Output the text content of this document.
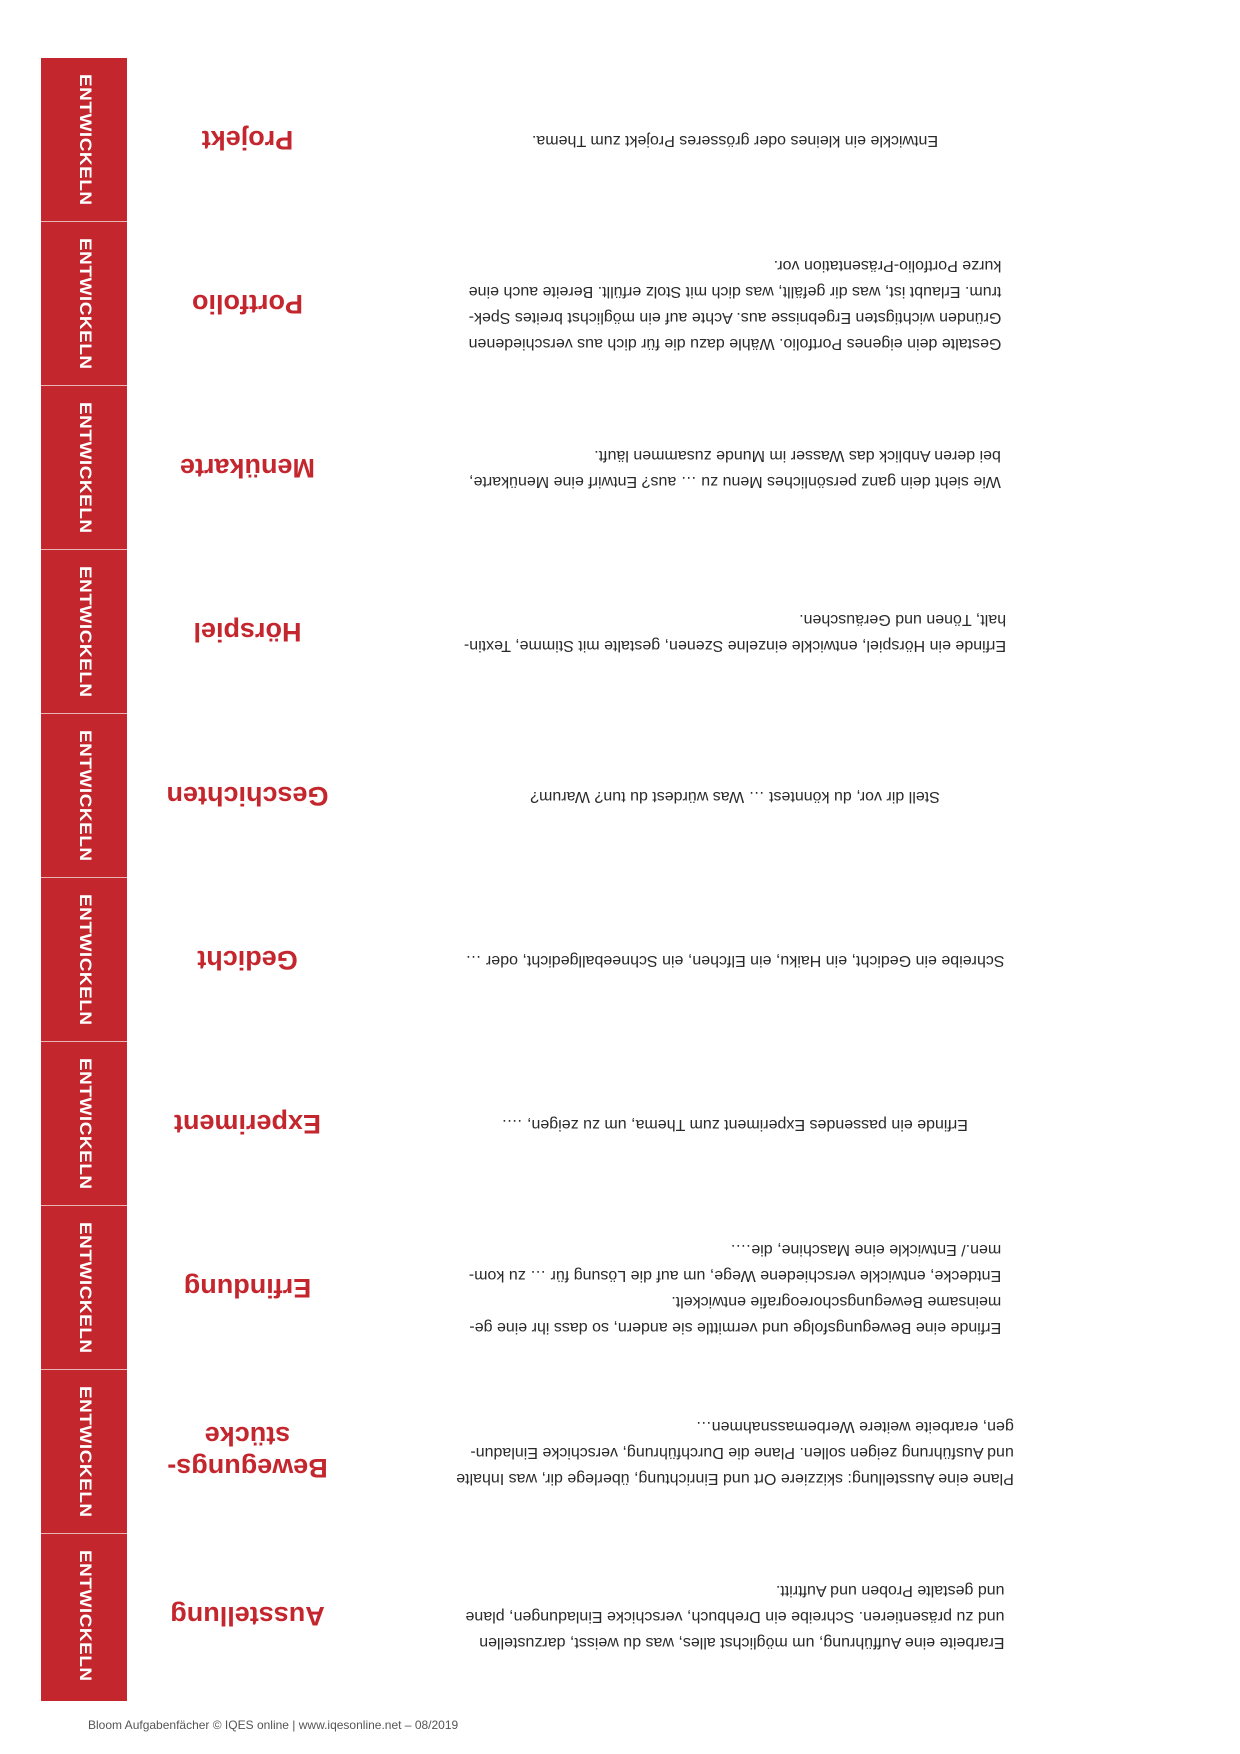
ENTWICKELN	Projekt	Entwickle ein kleines oder grösseres Projekt zum Thema.
ENTWICKELN	Portfolio
Gestalte dein eigenes Portfolio. Wähle dazu die für dich aus verschiedenen
Gründen wichtigsten Ergebnisse aus. Achte auf ein möglichst breites Spek-
trum. Erlaubt ist, was dir gefällt, was dich mit Stolz erfüllt. Bereite auch eine
kurze Portfolio-Präsentation vor.
ENTWICKELN	Menükarte	Wie sieht dein ganz persönliches Menu zu … aus? Entwirf eine Menükarte,
bei deren Anblick das Wasser im Munde zusammen läuft.
ENTWICKELN	Hörspiel	Erfinde ein Hörspiel, entwickle einzelne Szenen, gestalte mit Stimme, Textin-
halt, Tönen und Geräuschen.
ENTWICKELN	Geschichten	Stell dir vor, du könntest … Was würdest du tun? Warum?
ENTWICKELN	Gedicht	Schreibe ein Gedicht, ein Haiku, ein Elfchen, ein Schneeballgedicht, oder …
ENTWICKELN	Experiment	Erfinde ein passendes Experiment zum Thema, um zu zeigen, ….
ENTWICKELN	Erfindung
Erfinde eine Bewegungsfolge und vermittle sie andern, so dass ihr eine ge-
meinsame Bewegungschoreografie entwickelt.
Entdecke, entwickle verschiedene Wege, um auf die Lösung für … zu kom-
men./ Entwickle eine Maschine, die….
ENTWICKELN	Bewegungs-
stücke
Plane eine Ausstellung: skizziere Ort und Einrichtung, überlege dir, was Inhalte
und Ausführung zeigen sollen. Plane die Durchführung, verschicke Einladun-
gen, erarbeite weitere Werbemassnahmen…
ENTWICKELN	Ausstellung
Erarbeite eine Aufführung, um möglichst alles, was du weisst, darzustellen
und zu präsentieren. Schreibe ein Drehbuch, verschicke Einladungen, plane
und gestalte Proben und Auftritt.
Bloom Aufgabenfächer © IQES online | www.iqesonline.net – 08/2019
